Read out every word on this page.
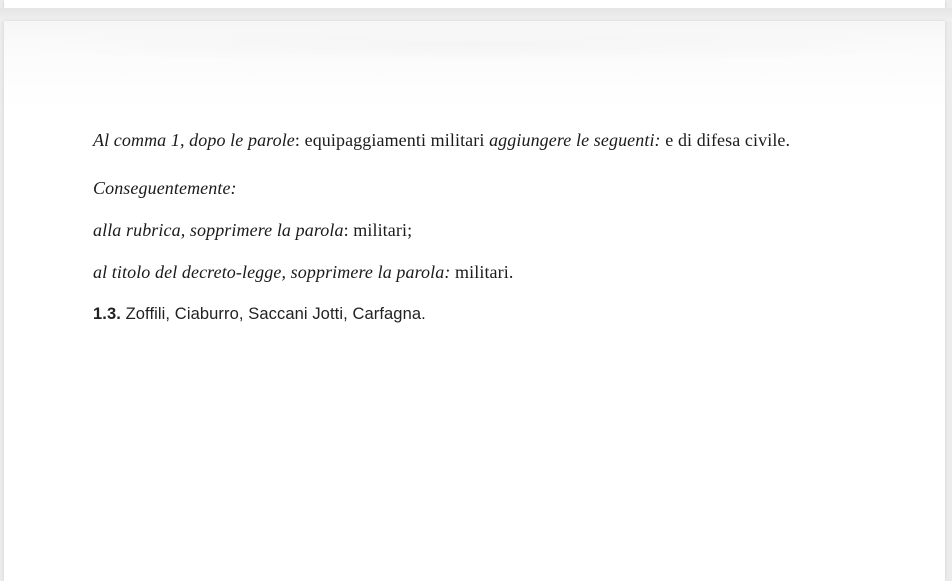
Al comma 1, dopo le parole: equipaggiamenti militari aggiungere le seguenti: e di difesa civile.

Conseguentemente:

alla rubrica, sopprimere la parola: militari;

al titolo del decreto-legge, sopprimere la parola: militari.

1.3. Zoffili, Ciaburro, Saccani Jotti, Carfagna.
